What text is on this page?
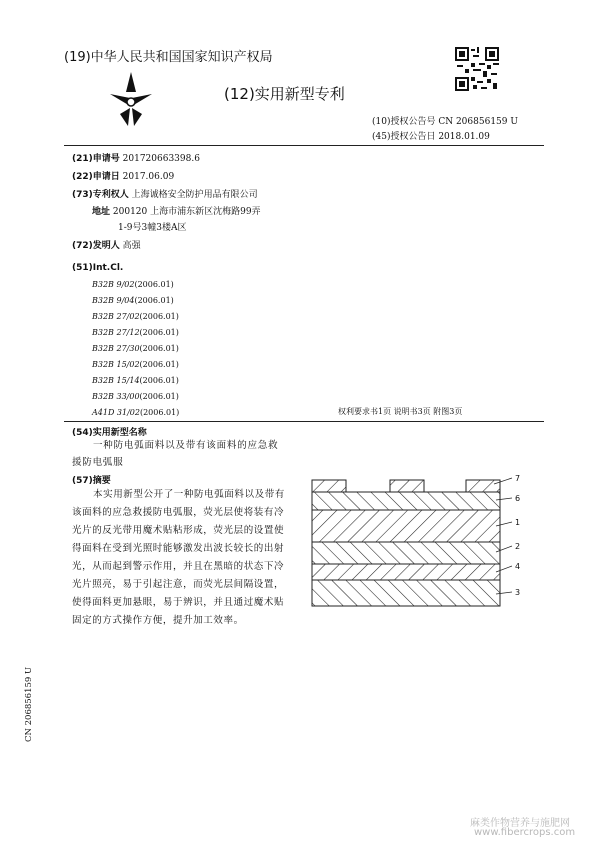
(19)中华人民共和国国家知识产权局
(12)实用新型专利
(10)授权公告号 CN 206856159 U
(45)授权公告日 2018.01.09
(21)申请号 201720663398.6
(22)申请日 2017.06.09
(73)专利权人 上海诚格安全防护用品有限公司
地址 200120 上海市浦东新区沈梅路99弄
1-9号3幢3楼A区
(72)发明人 高强
(51)Int.Cl.
B32B 9/02(2006.01)
B32B 9/04(2006.01)
B32B 27/02(2006.01)
B32B 27/12(2006.01)
B32B 27/30(2006.01)
B32B 15/02(2006.01)
B32B 15/14(2006.01)
B32B 33/00(2006.01)
A41D 31/02(2006.01)	权利要求书1页 说明书3页 附图3页
(54)实用新型名称
一种防电弧面料以及带有该面料的应急救援防电弧服
(57)摘要
本实用新型公开了一种防电弧面料以及带有该面料的应急救援防电弧服，荧光层使将装有冷光片的反光带用魔术贴粘形成，荧光层的设置使得面料在受到光照时能够激发出波长较长的出射光，从而起到警示作用，并且在黑暗的状态下冷光片照亮，易于引起注意，而荧光层间隔设置，使得面料更加悬眼，易于辨识，并且通过魔术贴固定的方式操作方便，提升加工效率。
7
6
1
2
4
3
CN 206856159 U
麻类作物营养与施肥网
www.fibercrops.com
